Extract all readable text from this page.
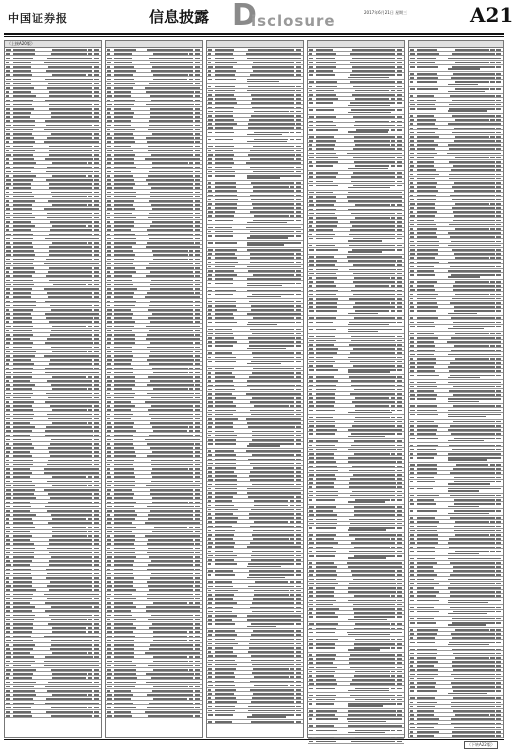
中国证券报	信息披露 D
isclosure	2017年6月21日 星期三	A21
（上接A20版）
（下转A22版）
